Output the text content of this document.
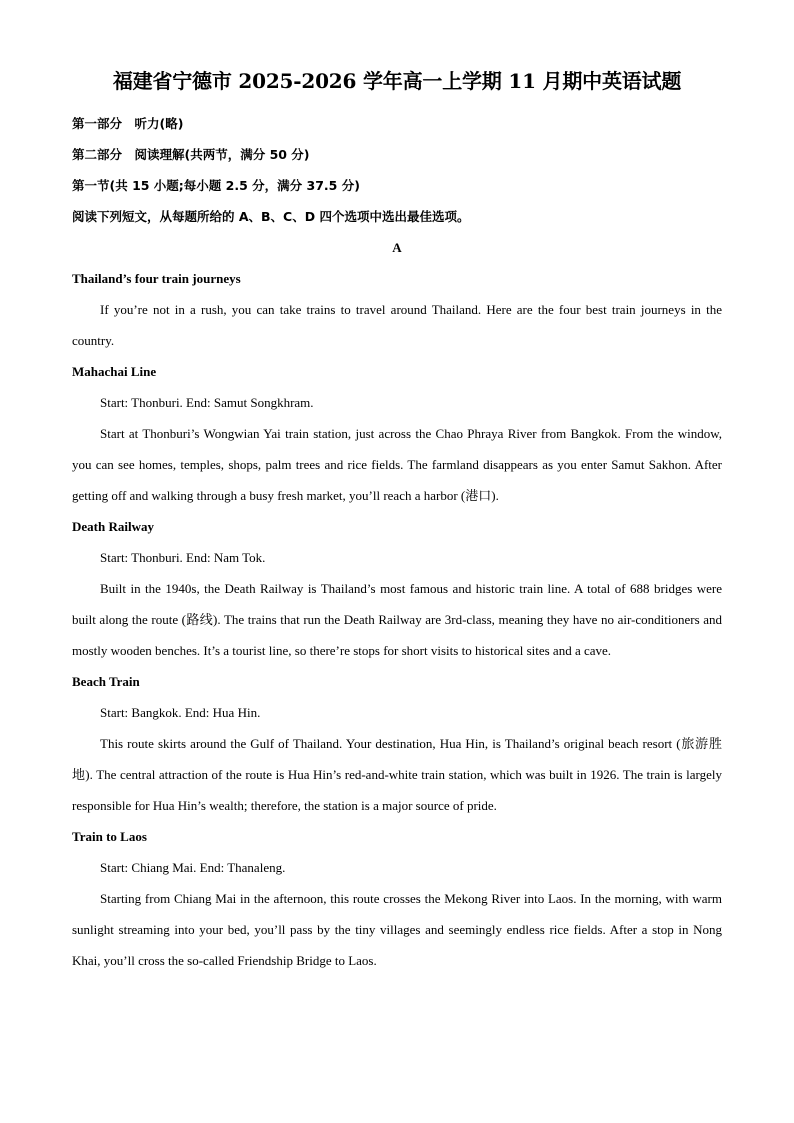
福建省宁德市 2025-2026 学年高一上学期 11 月期中英语试题

第一部分　听力(略)

第二部分　阅读理解(共两节，满分 50 分)

第一节(共 15 小题;每小题 2.5 分，满分 37.5 分)

阅读下列短文，从每题所给的 A、B、C、D 四个选项中选出最佳选项。

A

Thailand’s four train journeys

If you’re not in a rush, you can take trains to travel around Thailand. Here are the four best train journeys in the country.

Mahachai Line

Start: Thonburi. End: Samut Songkhram.

Start at Thonburi’s Wongwian Yai train station, just across the Chao Phraya River from Bangkok. From the window, you can see homes, temples, shops, palm trees and rice fields. The farmland disappears as you enter Samut Sakhon. After getting off and walking through a busy fresh market, you’ll reach a harbor (港口).

Death Railway

Start: Thonburi. End: Nam Tok.

Built in the 1940s, the Death Railway is Thailand’s most famous and historic train line. A total of 688 bridges were built along the route (路线). The trains that run the Death Railway are 3rd-class, meaning they have no air-conditioners and mostly wooden benches. It’s a tourist line, so there’re stops for short visits to historical sites and a cave.

Beach Train

Start: Bangkok. End: Hua Hin.

This route skirts around the Gulf of Thailand. Your destination, Hua Hin, is Thailand’s original beach resort (旅游胜地). The central attraction of the route is Hua Hin’s red-and-white train station, which was built in 1926. The train is largely responsible for Hua Hin’s wealth; therefore, the station is a major source of pride.

Train to Laos

Start: Chiang Mai. End: Thanaleng.

Starting from Chiang Mai in the afternoon, this route crosses the Mekong River into Laos. In the morning, with warm sunlight streaming into your bed, you’ll pass by the tiny villages and seemingly endless rice fields. After a stop in Nong Khai, you’ll cross the so-called Friendship Bridge to Laos.
